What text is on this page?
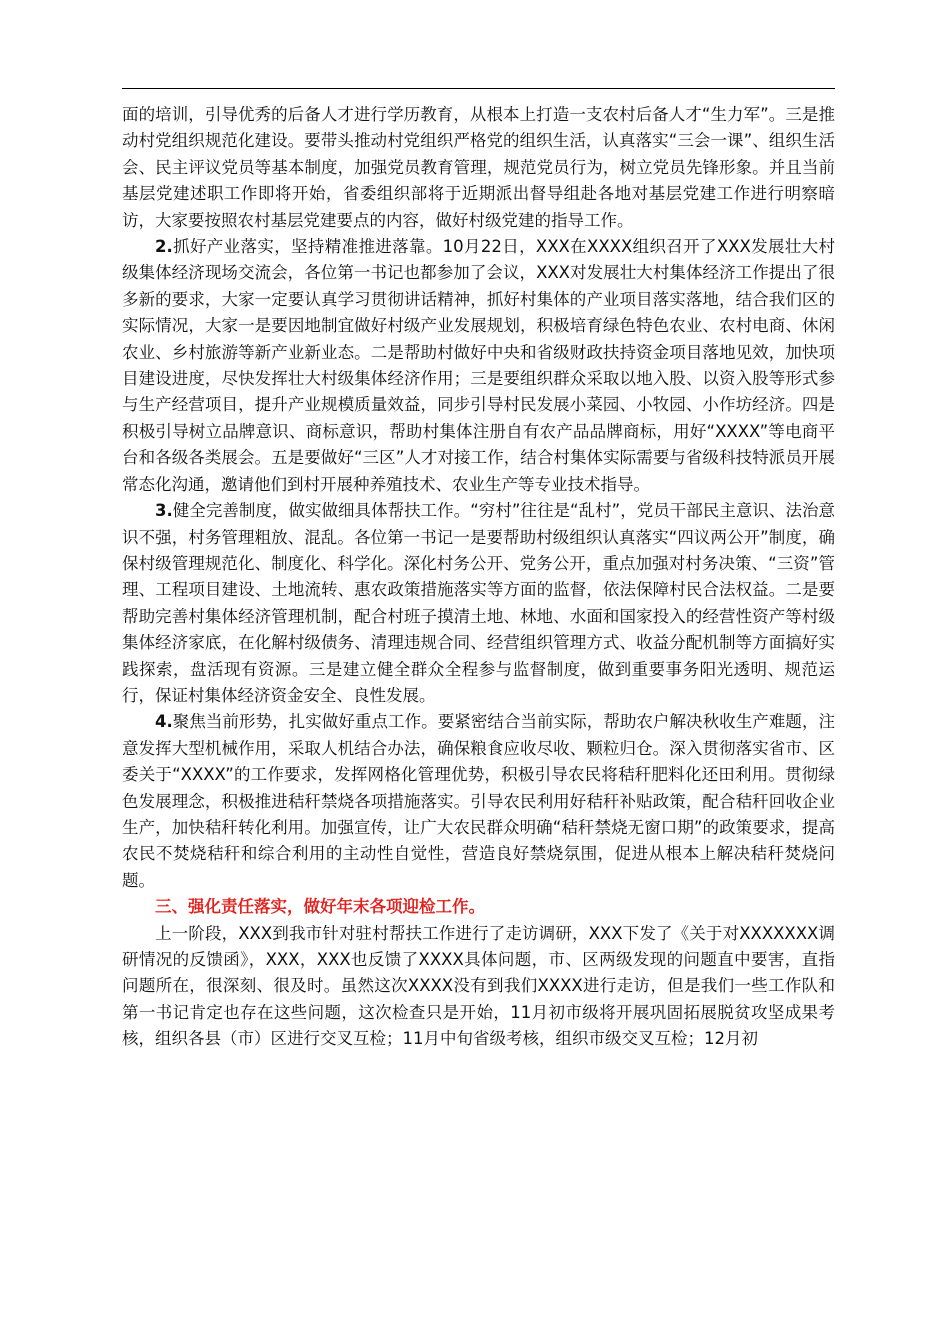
面的培训，引导优秀的后备人才进行学历教育，从根本上打造一支农村后备人才“生力军”。三是推动村党组织规范化建设。要带头推动村党组织严格党的组织生活，认真落实“三会一课”、组织生活会、民主评议党员等基本制度，加强党员教育管理，规范党员行为，树立党员先锋形象。并且当前基层党建述职工作即将开始，省委组织部将于近期派出督导组赴各地对基层党建工作进行明察暗访，大家要按照农村基层党建要点的内容，做好村级党建的指导工作。

2.抓好产业落实，坚持精准推进落靠。10月22日，XXX在XXXX组织召开了XXX发展壮大村级集体经济现场交流会，各位第一书记也都参加了会议，XXX对发展壮大村集体经济工作提出了很多新的要求，大家一定要认真学习贯彻讲话精神，抓好村集体的产业项目落实落地，结合我们区的实际情况，大家一是要因地制宜做好村级产业发展规划，积极培育绿色特色农业、农村电商、休闲农业、乡村旅游等新产业新业态。二是帮助村做好中央和省级财政扶持资金项目落地见效，加快项目建设进度，尽快发挥壮大村级集体经济作用；三是要组织群众采取以地入股、以资入股等形式参与生产经营项目，提升产业规模质量效益，同步引导村民发展小菜园、小牧园、小作坊经济。四是积极引导树立品牌意识、商标意识，帮助村集体注册自有农产品品牌商标，用好“XXXX”等电商平台和各级各类展会。五是要做好“三区”人才对接工作，结合村集体实际需要与省级科技特派员开展常态化沟通，邀请他们到村开展种养殖技术、农业生产等专业技术指导。

3.健全完善制度，做实做细具体帮扶工作。“穷村”往往是“乱村”，党员干部民主意识、法治意识不强，村务管理粗放、混乱。各位第一书记一是要帮助村级组织认真落实“四议两公开”制度，确保村级管理规范化、制度化、科学化。深化村务公开、党务公开，重点加强对村务决策、“三资”管理、工程项目建设、土地流转、惠农政策措施落实等方面的监督，依法保障村民合法权益。二是要帮助完善村集体经济管理机制，配合村班子摸清土地、林地、水面和国家投入的经营性资产等村级集体经济家底，在化解村级债务、清理违规合同、经营组织管理方式、收益分配机制等方面搞好实践探索，盘活现有资源。三是建立健全群众全程参与监督制度，做到重要事务阳光透明、规范运行，保证村集体经济资金安全、良性发展。

4.聚焦当前形势，扎实做好重点工作。要紧密结合当前实际，帮助农户解决秋收生产难题，注意发挥大型机械作用，采取人机结合办法，确保粮食应收尽收、颗粒归仓。深入贯彻落实省市、区委关于“XXXX”的工作要求，发挥网格化管理优势，积极引导农民将秸秆肥料化还田利用。贯彻绿色发展理念，积极推进秸秆禁烧各项措施落实。引导农民利用好秸秆补贴政策，配合秸秆回收企业生产，加快秸秆转化利用。加强宣传，让广大农民群众明确“秸秆禁烧无窗口期”的政策要求，提高农民不焚烧秸秆和综合利用的主动性自觉性，营造良好禁烧氛围，促进从根本上解决秸秆焚烧问题。

三、强化责任落实，做好年末各项迎检工作。

上一阶段，XXX到我市针对驻村帮扶工作进行了走访调研，XXX下发了《关于对XXXXXXX调研情况的反馈函》，XXX，XXX也反馈了XXXX具体问题，市、区两级发现的问题直中要害，直指问题所在，很深刻、很及时。虽然这次XXXX没有到我们XXXX进行走访，但是我们一些工作队和第一书记肯定也存在这些问题，这次检查只是开始，11月初市级将开展巩固拓展脱贫攻坚成果考核，组织各县（市）区进行交叉互检；11月中旬省级考核，组织市级交叉互检；12月初
